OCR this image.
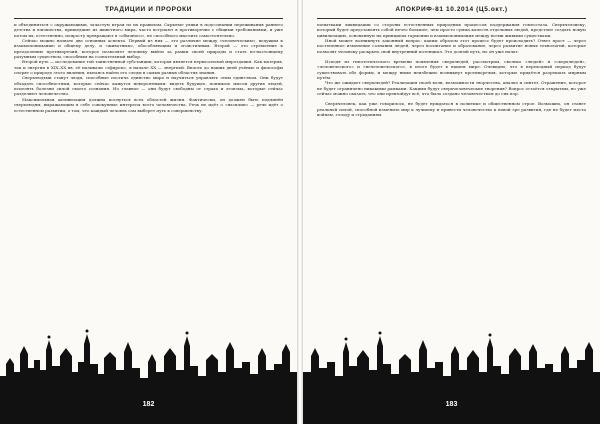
ТРАДИЦИИ И ПРОРОКИ

и объединиться с окружающими, зачастую играя по их правилам. Скрытые улики в подсознании переживания раннего детства и юношества, прищедшие из животного мира, часто вступают в противоречие с общими требованиями, и уже потом их, естественно, попросту превращают в «обычного», не способного мыслить самостоятельно.

Сейчас можно назвать две основных аспекта. Первый из них — это различие между «человеческим», ведущим к взаимопониманию и общему делу, и «животным», обособляющим и эгоистичным. Второй — это стремление к преодолению противоречий, которое позволяет человеку выйти за рамки своей природы и стать по-настоящему разумным существом, способным на сознательный выбор.

Второй путь — исследование той таинственной субстанции, которая является первоосновой мироздания. Как материя, так и энергия в XIX–XX вв. её называли «эфиром», в начале XX — энергией. Вплоть до наших дней учёные и философы спорят о природе этого явления, пытаясь найти его следы в самых разных областях знания.

Сверхлюдьми станут люди, способные постичь единство мира и научиться управлять этим единством. Они будут обладать способностями, которые сейчас кажутся невероятными: видеть будущее, понимать мысли других людей, исцелять болезни силой своего сознания. Но главное — они будут свободны от страха и эгоизма, которые сейчас разделяют человечество.

Максимальная активизация должна коснуться всех областей жизни. Фактически, он должен быть подчинён сверхлюдям, выражающим в себе совокупные интересы всего человечества. Речь не идёт о «насилии» — речь идёт о естественном развитии, о том, что каждый человек сам выберет путь к совершенству.

182
АПОКРИФ-81 10.2014 (Ц5.окт.)

попытками ликвидации со стороны естественных природных процессов поддержания гомеостаза. Сверхчеловеку, который будет представлять собой нечто большее, чем просто сумма качеств отдельных людей, предстоит создать новую цивилизацию, основанную на принципах гармонии и взаимопонимания между всеми живыми существами.

Иной может возникнуть законный вопрос: каким образом этот процесс будет происходить? Ответ прост — через постепенное изменение сознания людей, через воспитание и образование, через развитие новых технологий, которые позволят человеку раскрыть свой внутренний потенциал. Это долгий путь, но он уже начат.

Исходя из гипотетического времени появления сверхлюдей, рассмотрим, сколько «людей» и «сверхлюдей», «человеческого» и «нечеловеческого», в итоге будет в нашем мире. Очевидно, что в переходный период будут существовать обе формы, и между ними неизбежно возникнут противоречия, которые придётся разрешать мирным путём.

Что же ожидает сверхлюдей? Реализация своей воли, возможности творчества, анализ и синтез. Отражение, которое не будет ограничено никакими рамками. Какими будут сверхчеловеческие творения? Вопрос остаётся открытым, но уже сейчас можно сказать, что они превзойдут всё, что было создано человечеством до сих пор.

Сверхчеловек, как уже говорилось, не будет нуждаться в политике и общественном строе. Возможно, он станет реальной силой, способной изменить мир к лучшему и привести человечество к новой эре развития, где не будет места войнам, голоду и страданиям.

183
